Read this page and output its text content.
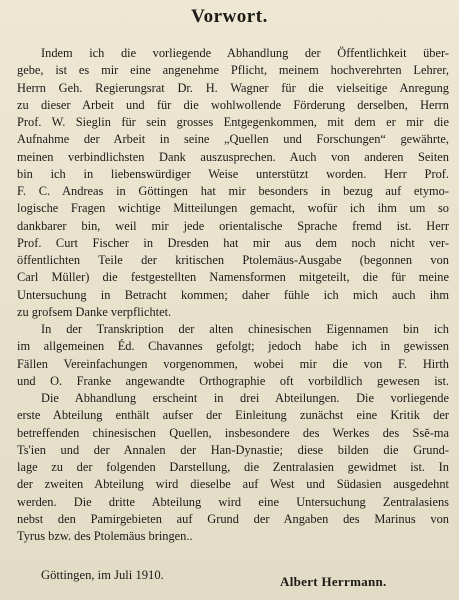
Vorwort.
Indem ich die vorliegende Abhandlung der Öffentlichkeit über-
gebe, ist es mir eine angenehme Pflicht, meinem hochverehrten Lehrer,
Herrn Geh. Regierungsrat Dr. H. Wagner für die vielseitige Anregung
zu dieser Arbeit und für die wohlwollende Förderung derselben, Herrn
Prof. W. Sieglin für sein grosses Entgegenkommen, mit dem er mir die
Aufnahme der Arbeit in seine „Quellen und Forschungen“ gewährte,
meinen verbindlichsten Dank auszusprechen. Auch von anderen Seiten
bin ich in liebenswürdiger Weise unterstützt worden. Herr Prof.
F. C. Andreas in Göttingen hat mir besonders in bezug auf etymo-
logische Fragen wichtige Mitteilungen gemacht, wofür ich ihm um so
dankbarer bin, weil mir jede orientalische Sprache fremd ist. Herr
Prof. Curt Fischer in Dresden hat mir aus dem noch nicht ver-
öffentlichten Teile der kritischen Ptolemäus-Ausgabe (begonnen von
Carl Müller) die festgestellten Namensformen mitgeteilt, die für meine
Untersuchung in Betracht kommen; daher fühle ich mich auch ihm
zu grofsem Danke verpflichtet.
In der Transkription der alten chinesischen Eigennamen bin ich
im allgemeinen Éd. Chavannes gefolgt; jedoch habe ich in gewissen
Fällen Vereinfachungen vorgenommen, wobei mir die von F. Hirth
und O. Franke angewandte Orthographie oft vorbildlich gewesen ist.
Die Abhandlung erscheint in drei Abteilungen. Die vorliegende
erste Abteilung enthält aufser der Einleitung zunächst eine Kritik der
betreffenden chinesischen Quellen, insbesondere des Werkes des Ssĕ-ma
Ts'ien und der Annalen der Han-Dynastie; diese bilden die Grund-
lage zu der folgenden Darstellung, die Zentralasien gewidmet ist. In
der zweiten Abteilung wird dieselbe auf West und Südasien ausgedehnt
werden. Die dritte Abteilung wird eine Untersuchung Zentralasiens
nebst den Pamirgebieten auf Grund der Angaben des Marinus von
Tyrus bzw. des Ptolemäus bringen..
Göttingen, im Juli 1910.	Albert Herrmann.
